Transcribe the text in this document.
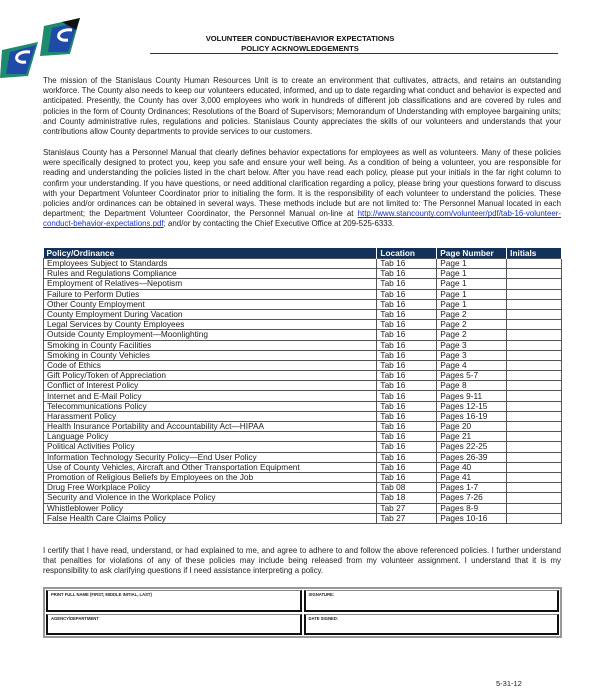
VOLUNTEER CONDUCT/BEHAVIOR EXPECTATIONS
POLICY ACKNOWLEDGEMENTS

The mission of the Stanislaus County Human Resources Unit is to create an environment that cultivates, attracts, and retains an outstanding workforce. The County also needs to keep our volunteers educated, informed, and up to date regarding what conduct and behavior is expected and anticipated. Presently, the County has over 3,000 employees who work in hundreds of different job classifications and are covered by rules and policies in the form of County Ordinances; Resolutions of the Board of Supervisors; Memorandum of Understanding with employee bargaining units; and County administrative rules, regulations and policies. Stanislaus County appreciates the skills of our volunteers and understands that your contributions allow County departments to provide services to our customers.

Stanislaus County has a Personnel Manual that clearly defines behavior expectations for employees as well as volunteers. Many of these policies were specifically designed to protect you, keep you safe and ensure your well being. As a condition of being a volunteer, you are responsible for reading and understanding the policies listed in the chart below. After you have read each policy, please put your initials in the far right column to confirm your understanding. If you have questions, or need additional clarification regarding a policy, please bring your questions forward to discuss with your Department Volunteer Coordinator prior to initialing the form. It is the responsibility of each volunteer to understand the policies. These policies and/or ordinances can be obtained in several ways. These methods include but are not limited to: The Personnel Manual located in each department; the Department Volunteer Coordinator, the Personnel Manual on-line at http://www.stancounty.com/volunteer/pdf/tab-16-volunteer-conduct-behavior-expectations.pdf; and/or by contacting the Chief Executive Office at 209-525-6333.

Policy/Ordinance	Location	Page Number	Initials
Employees Subject to Standards	Tab 16	Page 1	
Rules and Regulations Compliance	Tab 16	Page 1	
Employment of Relatives—Nepotism	Tab 16	Page 1	
Failure to Perform Duties	Tab 16	Page 1	
Other County Employment	Tab 16	Page 1	
County Employment During Vacation	Tab 16	Page 2	
Legal Services by County Employees	Tab 16	Page 2	
Outside County Employment—Moonlighting	Tab 16	Page 2	
Smoking in County Facilities	Tab 16	Page 3	
Smoking in County Vehicles	Tab 16	Page 3	
Code of Ethics	Tab 16	Page 4	
Gift Policy/Token of Appreciation	Tab 16	Pages 5-7	
Conflict of Interest Policy	Tab 16	Page 8	
Internet and E-Mail Policy	Tab 16	Pages 9-11	
Telecommunications Policy	Tab 16	Pages 12-15	
Harassment Policy	Tab 16	Pages 16-19	
Health Insurance Portability and Accountability Act—HIPAA	Tab 16	Page 20	
Language Policy	Tab 16	Page 21	
Political Activities Policy	Tab 16	Pages 22-25	
Information Technology Security Policy—End User Policy	Tab 16	Pages 26-39	
Use of County Vehicles, Aircraft and Other Transportation Equipment	Tab 16	Page 40	
Promotion of Religious Beliefs by Employees on the Job	Tab 16	Page 41	
Drug Free Workplace Policy	Tab 08	Pages 1-7	
Security and Violence in the Workplace Policy	Tab 18	Pages 7-26	
Whistleblower Policy	Tab 27	Pages 8-9	
False Health Care Claims Policy	Tab 27	Pages 10-16	

I certify that I have read, understand, or had explained to me, and agree to adhere to and follow the above referenced policies. I further understand that penalties for violations of any of these policies may include being released from my volunteer assignment. I understand that it is my responsibility to ask clarifying questions if I need assistance interpreting a policy.

PRINT FULL NAME (FIRST, MIDDLE INITIAL, LAST)	SIGNATURE:
AGENCY/DEPARTMENT	DATE SIGNED:
5-31-12
